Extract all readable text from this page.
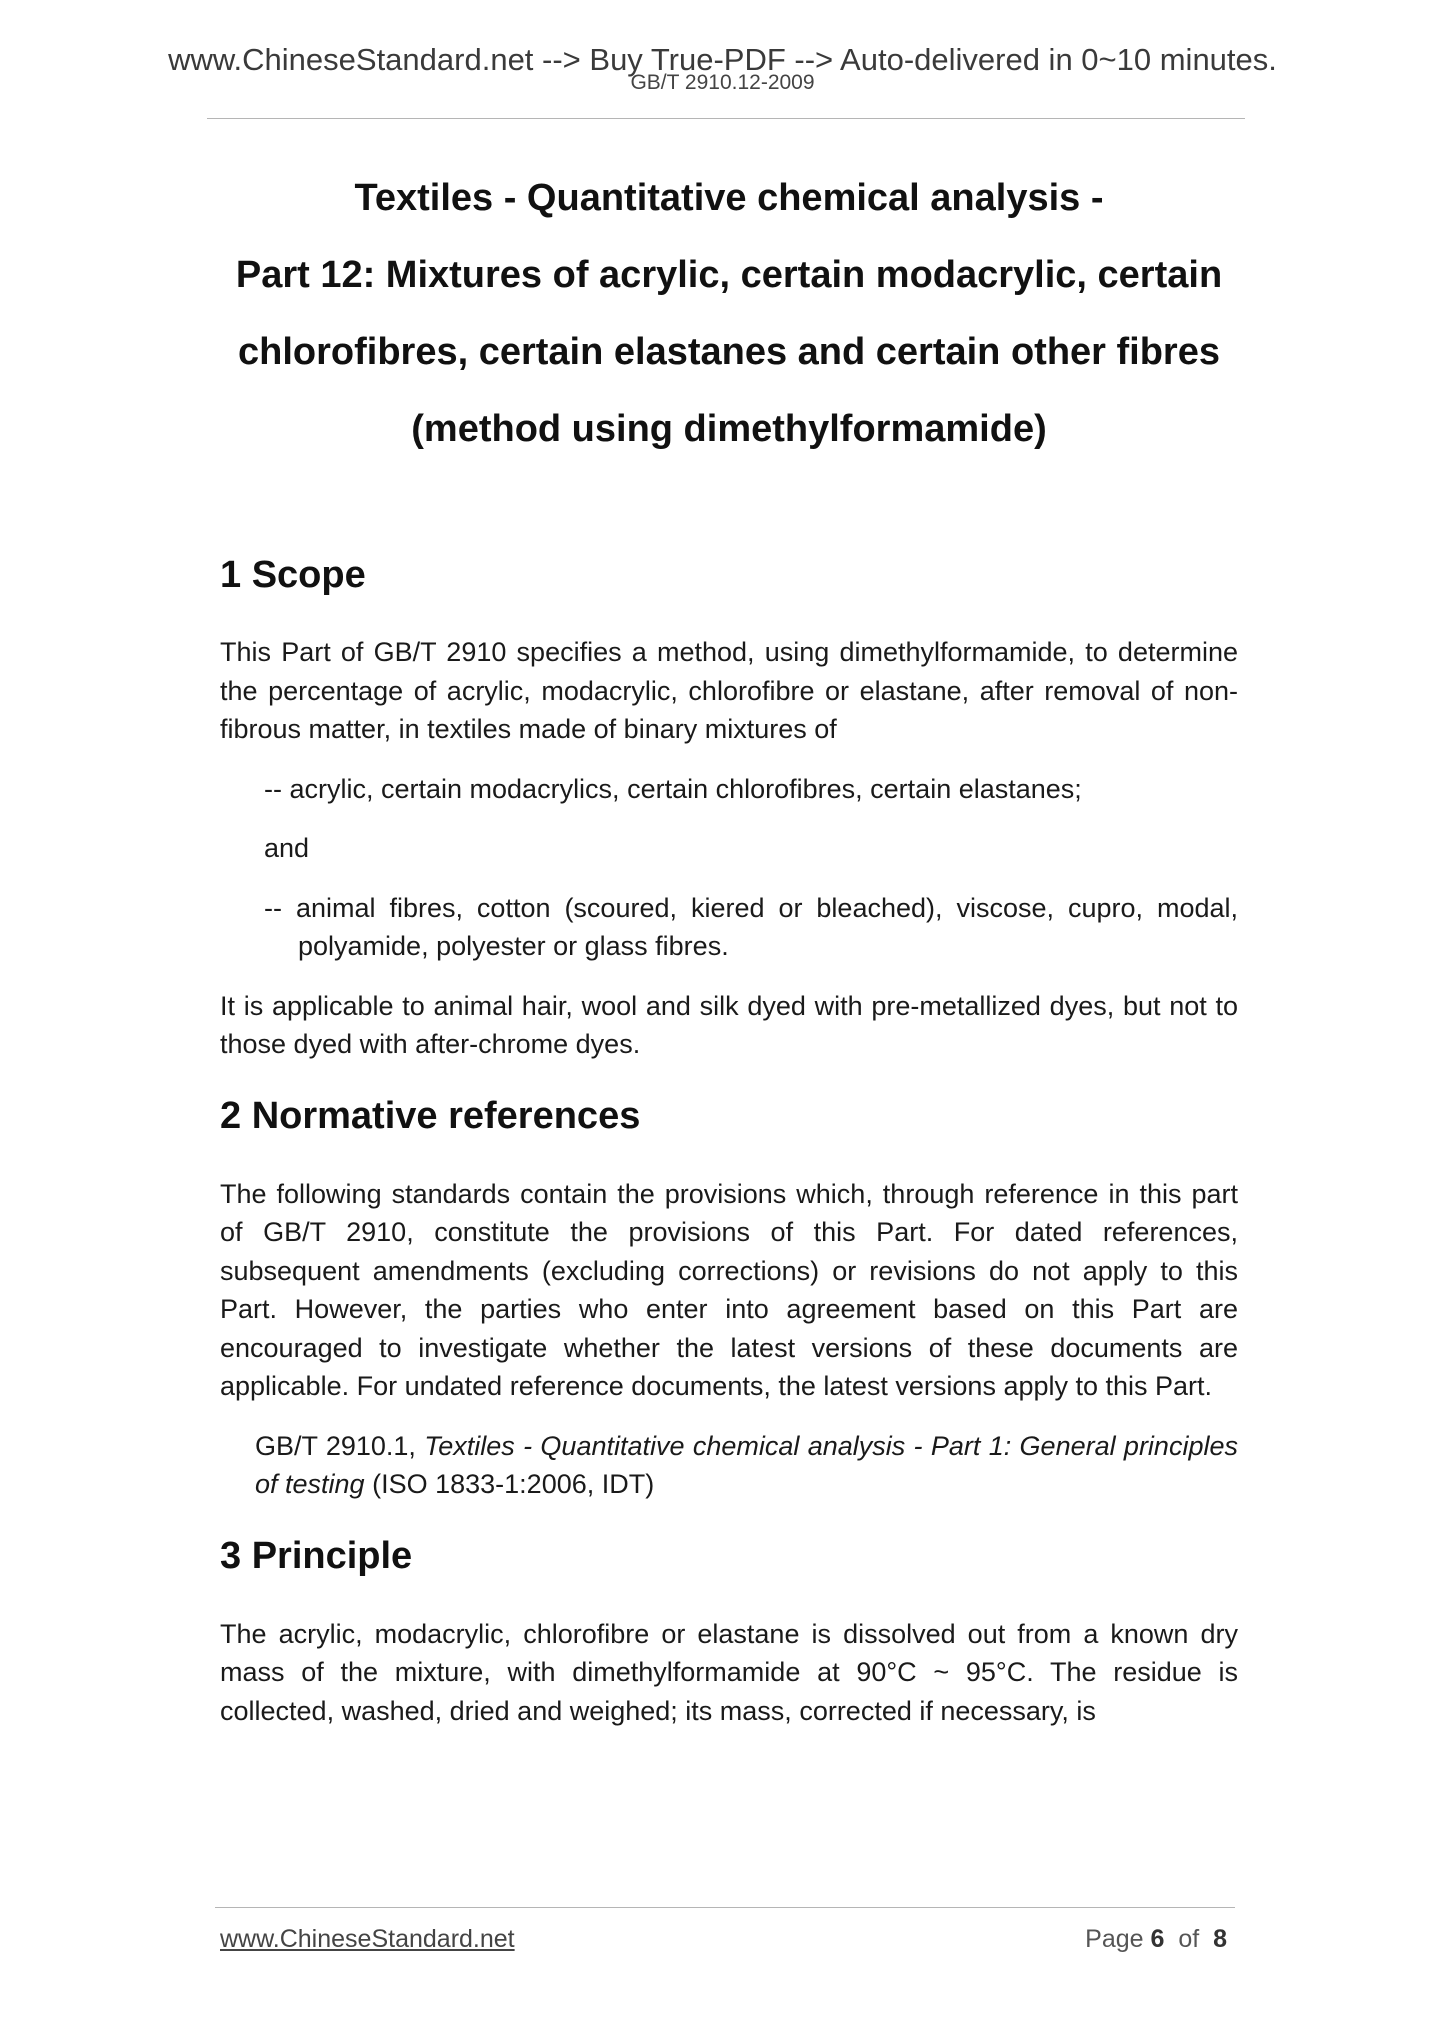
www.ChineseStandard.net --> Buy True-PDF --> Auto-delivered in 0~10 minutes.
GB/T 2910.12-2009

Textiles - Quantitative chemical analysis -

Part 12: Mixtures of acrylic, certain modacrylic, certain

chlorofibres, certain elastanes and certain other fibres

(method using dimethylformamide)

1 Scope

This Part of GB/T 2910 specifies a method, using dimethylformamide, to determine the percentage of acrylic, modacrylic, chlorofibre or elastane, after removal of non-fibrous matter, in textiles made of binary mixtures of

-- acrylic, certain modacrylics, certain chlorofibres, certain elastanes;

and

-- animal fibres, cotton (scoured, kiered or bleached), viscose, cupro, modal, polyamide, polyester or glass fibres.

It is applicable to animal hair, wool and silk dyed with pre-metallized dyes, but not to those dyed with after-chrome dyes.

2 Normative references

The following standards contain the provisions which, through reference in this part of GB/T 2910, constitute the provisions of this Part. For dated references, subsequent amendments (excluding corrections) or revisions do not apply to this Part. However, the parties who enter into agreement based on this Part are encouraged to investigate whether the latest versions of these documents are applicable. For undated reference documents, the latest versions apply to this Part.

GB/T 2910.1, Textiles - Quantitative chemical analysis - Part 1: General principles of testing (ISO 1833-1:2006, IDT)

3 Principle

The acrylic, modacrylic, chlorofibre or elastane is dissolved out from a known dry mass of the mixture, with dimethylformamide at 90°C ~ 95°C. The residue is collected, washed, dried and weighed; its mass, corrected if necessary, is

www.ChineseStandard.net	Page 6 of 8
